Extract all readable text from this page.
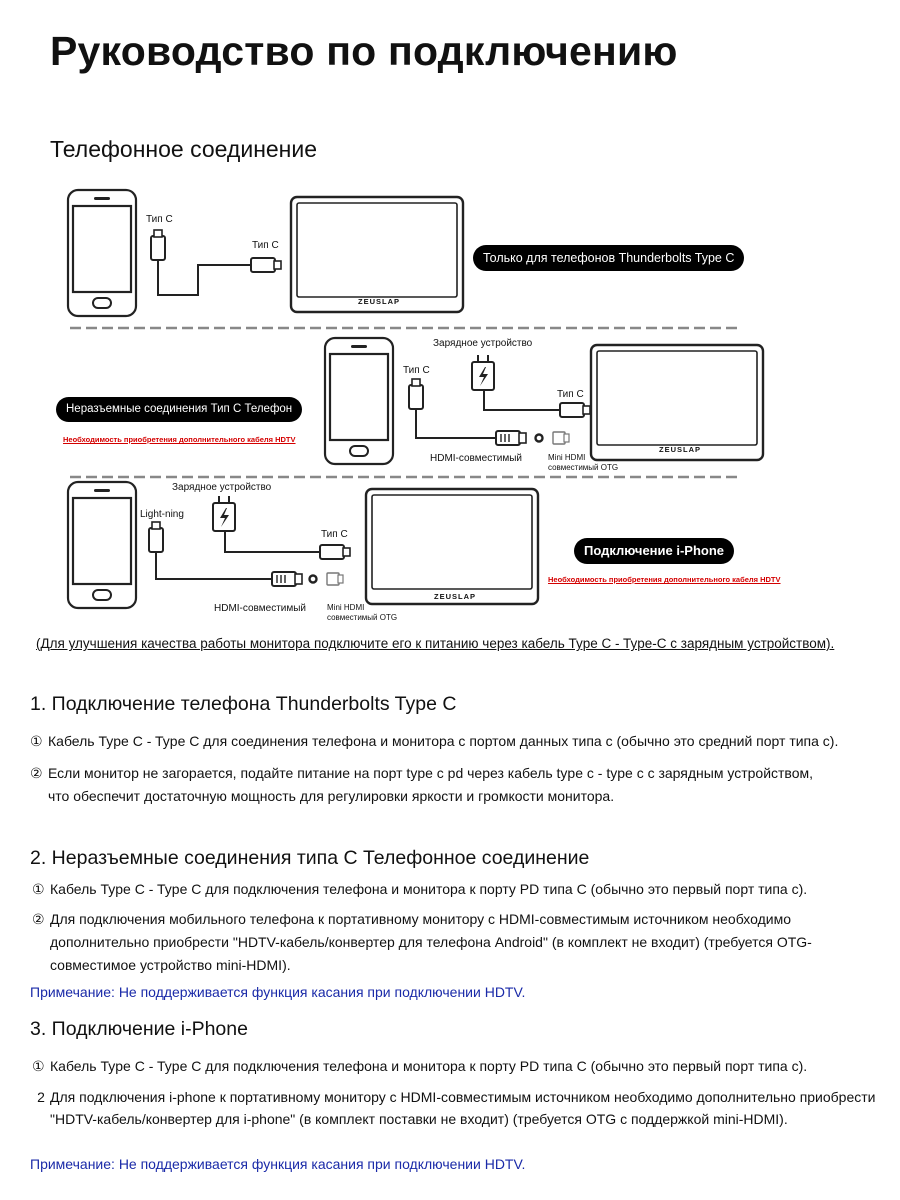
Руководство по подключению
Телефонное соединение
Тип C
Тип C
ZEUSLAP
Только для телефонов Thunderbolts Type C
Неразъемные соединения Тип C Телефон
Необходимость приобретения дополнительного кабеля HDTV
Зарядное устройство
Тип C
Тип C
HDMI-совместимый	Mini HDMI
совместимый OTG
ZEUSLAP
Зарядное устройство
Light-ning
Тип C
HDMI-совместимый	Mini HDMI
совместимый OTG
ZEUSLAP
Подключение i-Phone
Необходимость приобретения дополнительного кабеля HDTV
(Для улучшения качества работы монитора подключите его к питанию через кабель Type C - Type-C с зарядным устройством).
1. Подключение телефона Thunderbolts Type C
① Кабель Type C - Type C для соединения телефона и монитора с портом данных типа c (обычно это средний порт типа c).
② Если монитор не загорается, подайте питание на порт type c pd через кабель type c - type c с зарядным устройством, что обеспечит достаточную мощность для регулировки яркости и громкости монитора.
2. Неразъемные соединения типа C Телефонное соединение
① Кабель Type C - Type C для подключения телефона и монитора к порту PD типа C (обычно это первый порт типа c).
② Для подключения мобильного телефона к портативному монитору с HDMI-совместимым источником необходимо дополнительно приобрести "HDTV-кабель/конвертер для телефона Android" (в комплект не входит) (требуется OTG-совместимое устройство mini-HDMI).
Примечание: Не поддерживается функция касания при подключении HDTV.
3. Подключение i-Phone
① Кабель Type C - Type C для подключения телефона и монитора к порту PD типа C (обычно это первый порт типа c).
2 Для подключения i-phone к портативному монитору с HDMI-совместимым источником необходимо дополнительно приобрести "HDTV-кабель/конвертер для i-phone" (в комплект поставки не входит) (требуется OTG с поддержкой mini-HDMI).
Примечание: Не поддерживается функция касания при подключении HDTV.
